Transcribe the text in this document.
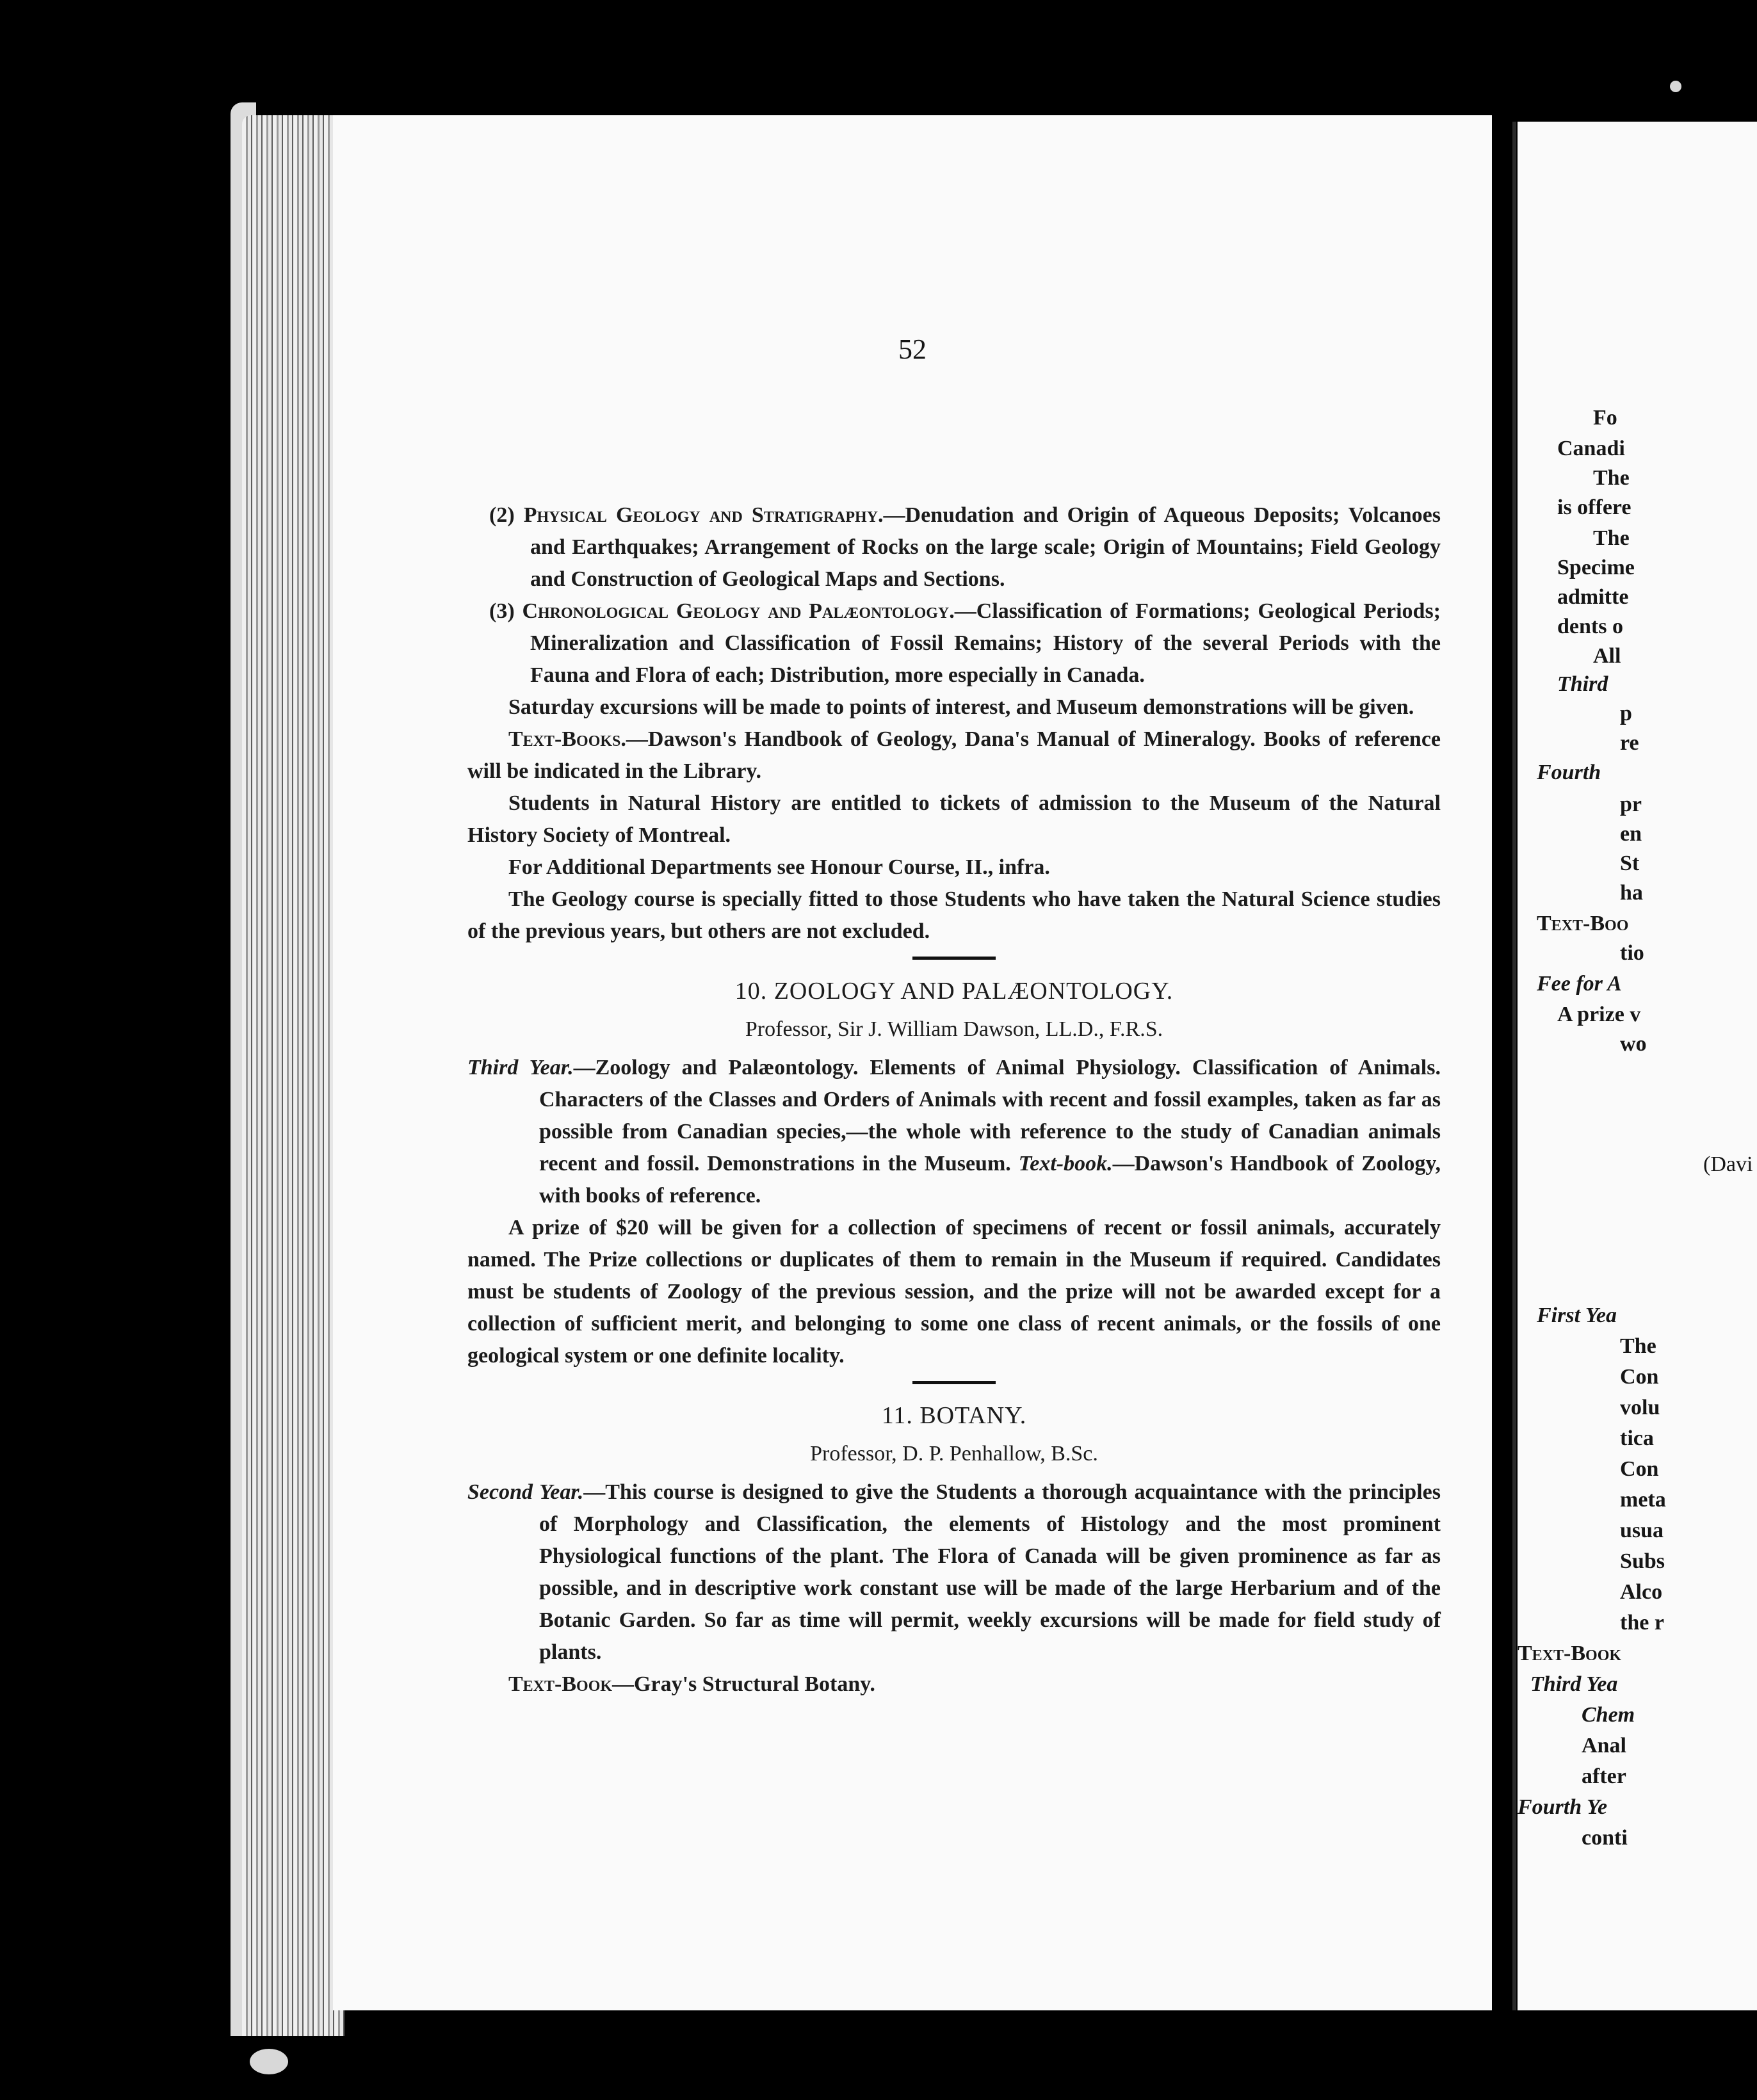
52

(2) Physical Geology and Stratigraphy.—Denudation and Origin of Aqueous Deposits; Volcanoes and Earthquakes; Arrangement of Rocks on the large scale; Origin of Mountains; Field Geology and Construction of Geological Maps and Sections.

(3) Chronological Geology and Palæontology.—Classification of Formations; Geological Periods; Mineralization and Classification of Fossil Remains; History of the several Periods with the Fauna and Flora of each; Distribution, more especially in Canada.

Saturday excursions will be made to points of interest, and Museum demonstrations will be given.

Text-Books.—Dawson's Handbook of Geology, Dana's Manual of Mineralogy. Books of reference will be indicated in the Library.

Students in Natural History are entitled to tickets of admission to the Museum of the Natural History Society of Montreal.

For Additional Departments see Honour Course, II., infra.

The Geology course is specially fitted to those Students who have taken the Natural Science studies of the previous years, but others are not excluded.

10. ZOOLOGY AND PALÆONTOLOGY.

Professor, Sir J. William Dawson, LL.D., F.R.S.

Third Year.—Zoology and Palæontology. Elements of Animal Physiology. Classification of Animals. Characters of the Classes and Orders of Animals with recent and fossil examples, taken as far as possible from Canadian species,—the whole with reference to the study of Canadian animals recent and fossil. Demonstrations in the Museum. Text-book.—Dawson's Handbook of Zoology, with books of reference.

A prize of $20 will be given for a collection of specimens of recent or fossil animals, accurately named. The Prize collections or duplicates of them to remain in the Museum if required. Candidates must be students of Zoology of the previous session, and the prize will not be awarded except for a collection of sufficient merit, and belonging to some one class of recent animals, or the fossils of one geological system or one definite locality.

11. BOTANY.

Professor, D. P. Penhallow, B.Sc.

Second Year.—This course is designed to give the Students a thorough acquaintance with the principles of Morphology and Classification, the elements of Histology and the most prominent Physiological functions of the plant. The Flora of Canada will be given prominence as far as possible, and in descriptive work constant use will be made of the large Herbarium and of the Botanic Garden. So far as time will permit, weekly excursions will be made for field study of plants.

Text-Book—Gray's Structural Botany.

Fo
Canadi
The
is offere
The
Specime
admitte
dents o
All
Third
p
re
Fourth
pr
en
St
ha
Text-Boo
tio
Fee for A
A prize v
wo
(Davi
First Yea
The
Con
volu
tica
Con
meta
usua
Subs
Alco
the r
Text-Book
Third Yea
Chem
Anal
after
Fourth Ye
conti
